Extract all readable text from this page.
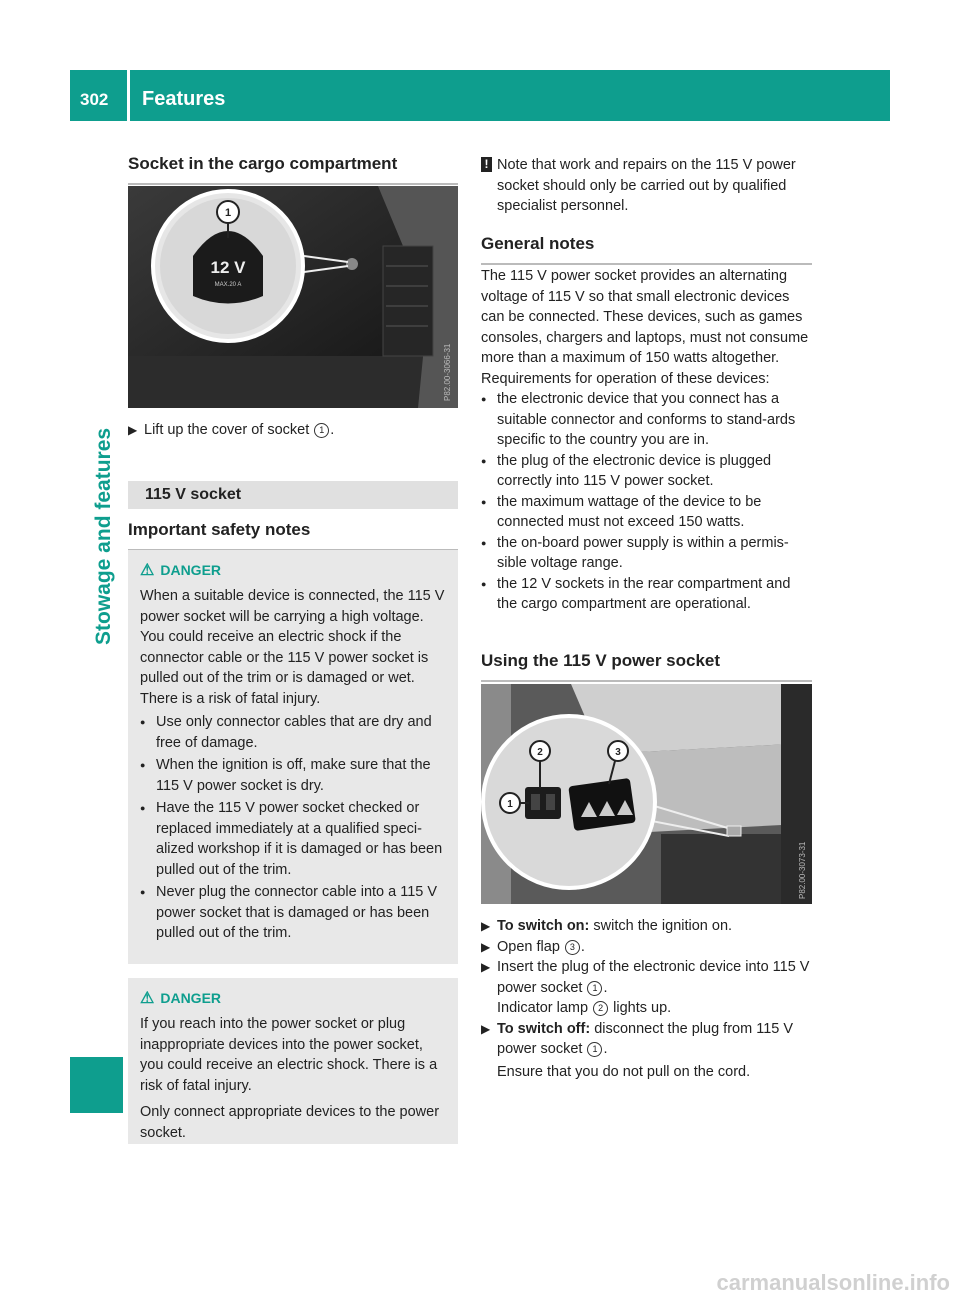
302 Features
Stowage and features
Socket in the cargo compartment
1
12 V
MAX.20 A
P82.00-3066-31
▶ Lift up the cover of socket 1 .
115 V socket
Important safety notes
⚠ DANGER
When a suitable device is connected, the 115 V power socket will be carrying a high voltage. You could receive an electric shock if the connector cable or the 115 V power socket is pulled out of the trim or is damaged or wet. There is a risk of fatal injury.
● Use only connector cables that are dry and free of damage.
● When the ignition is off, make sure that the 115 V power socket is dry.
● Have the 115 V power socket checked or replaced immediately at a qualified speci-alized workshop if it is damaged or has been pulled out of the trim.
● Never plug the connector cable into a 115 V power socket that is damaged or has been pulled out of the trim.
⚠ DANGER
If you reach into the power socket or plug inappropriate devices into the power socket, you could receive an electric shock. There is a risk of fatal injury.
Only connect appropriate devices to the power socket.
! Note that work and repairs on the 115 V power socket should only be carried out by qualified specialist personnel.
General notes
The 115 V power socket provides an alternating voltage of 115 V so that small electronic devices can be connected. These devices, such as games consoles, chargers and laptops, must not consume more than a maximum of 150 watts altogether.
Requirements for operation of these devices:
● the electronic device that you connect has a suitable connector and conforms to stand-ards specific to the country you are in.
● the plug of the electronic device is plugged correctly into 115 V power socket.
● the maximum wattage of the device to be connected must not exceed 150 watts.
● the on-board power supply is within a permis-sible voltage range.
● the 12 V sockets in the rear compartment and the cargo compartment are operational.
Using the 115 V power socket
1
2	3
P82.00-3073-31
▶ To switch on: switch the ignition on.
▶ Open flap 3 .
▶ Insert the plug of the electronic device into 115 V power socket 1 .
Indicator lamp 2 lights up.
▶ To switch off: disconnect the plug from 115 V power socket 1 .
Ensure that you do not pull on the cord.
carmanualsonline.info
